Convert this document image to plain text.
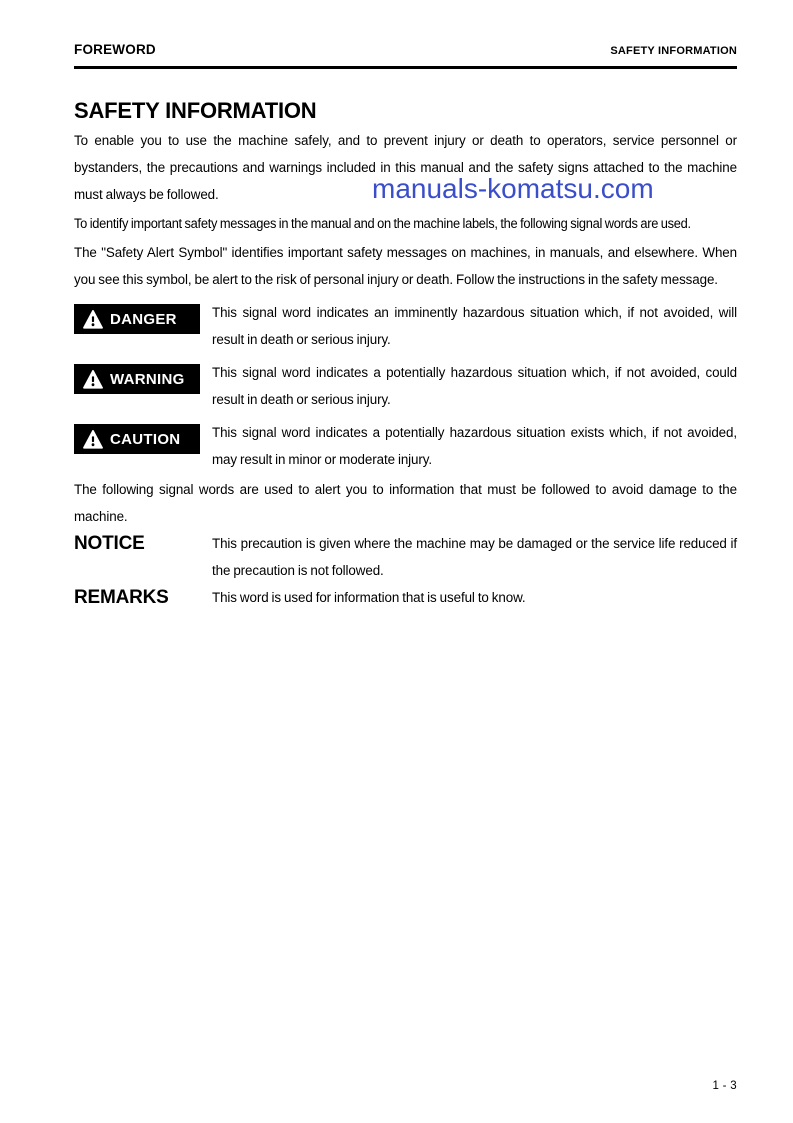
manuals-komatsu.com
FOREWORD	SAFETY INFORMATION
SAFETY INFORMATION

To enable you to use the machine safely, and to prevent injury or death to operators, service personnel or bystanders, the precautions and warnings included in this manual and the safety signs attached to the machine must always be followed.

To identify important safety messages in the manual and on the machine labels, the following signal words are used.

The "Safety Alert Symbol" identifies important safety messages on machines, in manuals, and elsewhere. When you see this symbol, be alert to the risk of personal injury or death. Follow the instructions in the safety message.

DANGER	This signal word indicates an imminently hazardous situation which, if not avoided, will result in death or serious injury.

WARNING This signal word indicates a potentially hazardous situation which, if not avoided, could result in death or serious injury.

CAUTION This signal word indicates a potentially hazardous situation exists which, if not avoided, may result in minor or moderate injury.

The following signal words are used to alert you to information that must be followed to avoid damage to the machine.

NOTICE	This precaution is given where the machine may be damaged or the service life reduced if the precaution is not followed.

REMARKS	This word is used for information that is useful to know.

1 - 3
